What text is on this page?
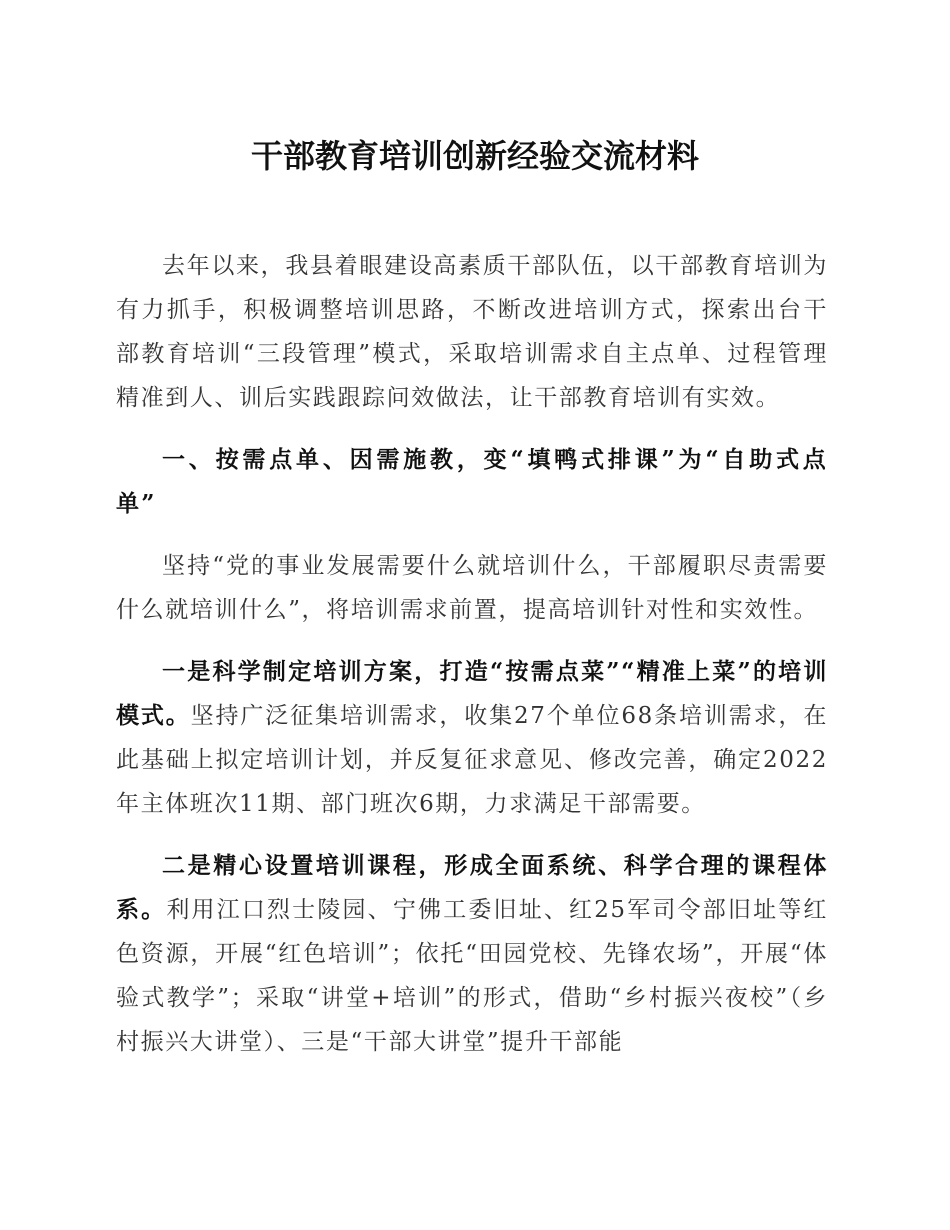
干部教育培训创新经验交流材料

去年以来，我县着眼建设高素质干部队伍，以干部教育培训为有力抓手，积极调整培训思路，不断改进培训方式，探索出台干部教育培训“三段管理”模式，采取培训需求自主点单、过程管理精准到人、训后实践跟踪问效做法，让干部教育培训有实效。

一、按需点单、因需施教，变“填鸭式排课”为“自助式点单”

坚持“党的事业发展需要什么就培训什么，干部履职尽责需要什么就培训什么”，将培训需求前置，提高培训针对性和实效性。

一是科学制定培训方案，打造“按需点菜”“精准上菜”的培训模式。坚持广泛征集培训需求，收集27个单位68条培训需求，在此基础上拟定培训计划，并反复征求意见、修改完善，确定2022年主体班次11期、部门班次6期，力求满足干部需要。

二是精心设置培训课程，形成全面系统、科学合理的课程体系。利用江口烈士陵园、宁佛工委旧址、红25军司令部旧址等红色资源，开展“红色培训”；依托“田园党校、先锋农场”，开展“体验式教学”；采取“讲堂+培训”的形式，借助“乡村振兴夜校”（乡村振兴大讲堂）、三是“干部大讲堂”提升干部能
